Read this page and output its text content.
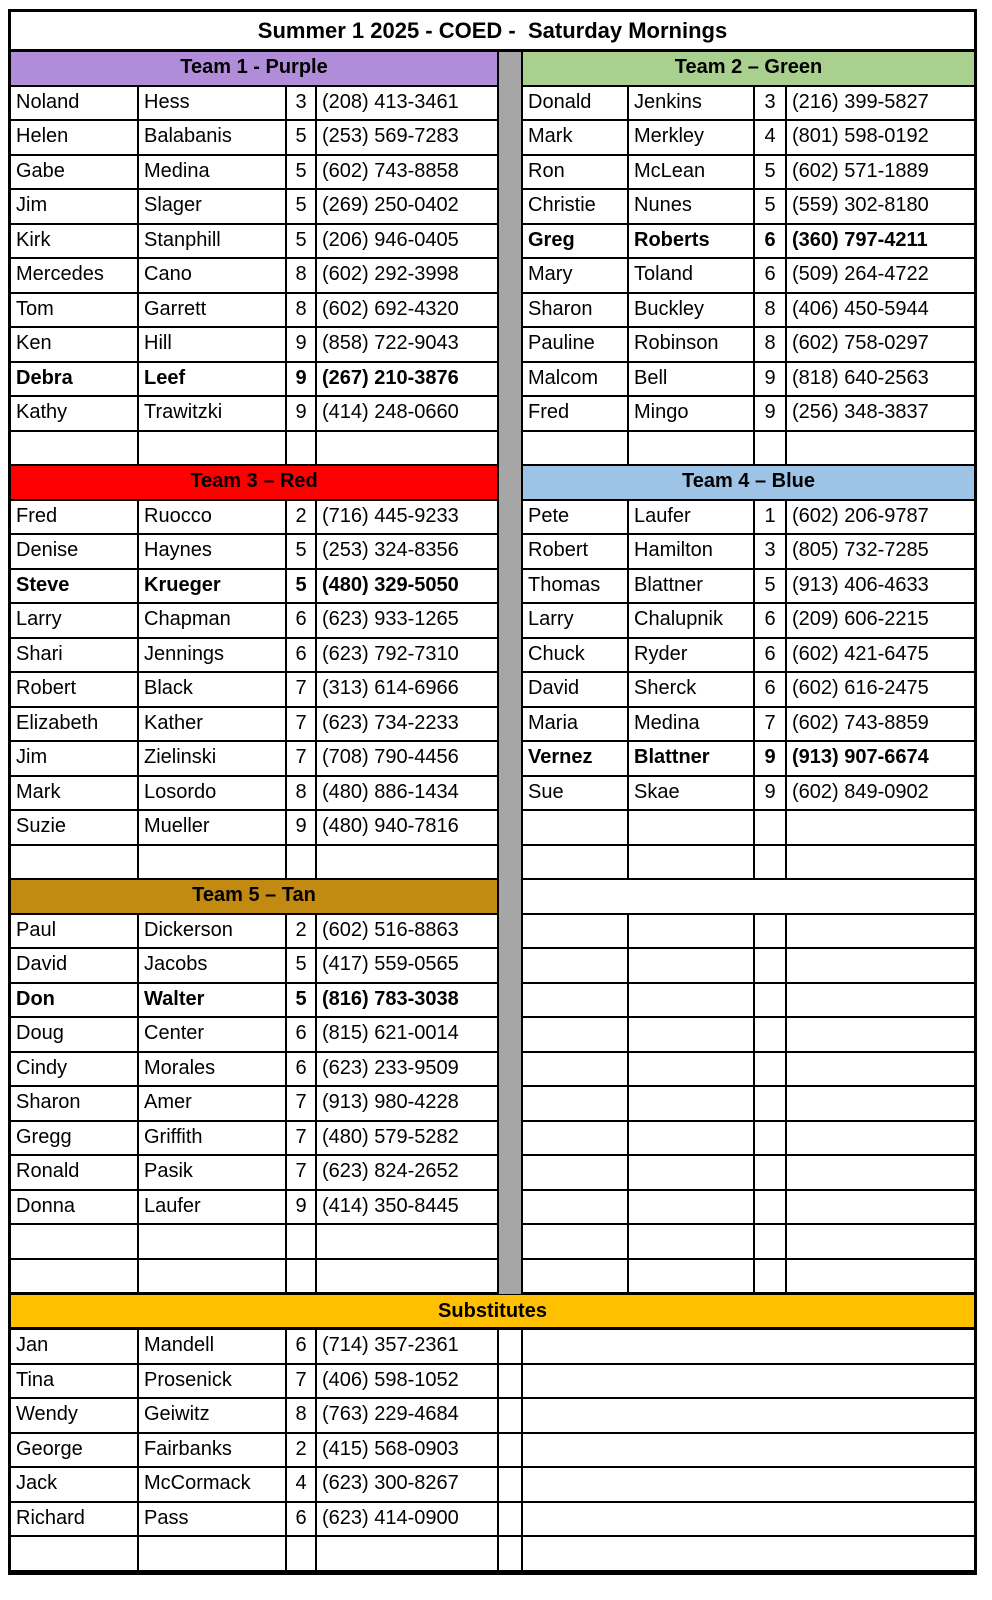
Summer 1 2025 - COED -  Saturday Mornings
Team 1 - Purple
Noland	Hess	3 (208) 413-3461
Helen	Balabanis	5 (253) 569-7283
Gabe	Medina	5 (602) 743-8858
Jim	Slager	5 (269) 250-0402
Kirk	Stanphill	5 (206) 946-0405
Mercedes	Cano	8 (602) 292-3998
Tom	Garrett	8 (602) 692-4320
Ken	Hill	9 (858) 722-9043
Debra	Leef	9 (267) 210-3876
Kathy	Trawitzki	9 (414) 248-0660
Team 2 – Green
Donald	Jenkins	3 (216) 399-5827
Mark	Merkley	4 (801) 598-0192
Ron	McLean	5 (602) 571-1889
Christie	Nunes	5 (559) 302-8180
Greg	Roberts	6 (360) 797-4211
Mary	Toland	6 (509) 264-4722
Sharon	Buckley	8 (406) 450-5944
Pauline	Robinson	8 (602) 758-0297
Malcom	Bell	9 (818) 640-2563
Fred	Mingo	9 (256) 348-3837
Team 3 – Red
Fred	Ruocco	2 (716) 445-9233
Denise	Haynes	5 (253) 324-8356
Steve	Krueger	5 (480) 329-5050
Larry	Chapman	6 (623) 933-1265
Shari	Jennings	6 (623) 792-7310
Robert	Black	7 (313) 614-6966
Elizabeth	Kather	7 (623) 734-2233
Jim	Zielinski	7 (708) 790-4456
Mark	Losordo	8 (480) 886-1434
Suzie	Mueller	9 (480) 940-7816
Team 4 – Blue
Pete	Laufer	1 (602) 206-9787
Robert	Hamilton	3 (805) 732-7285
Thomas	Blattner	5 (913) 406-4633
Larry	Chalupnik	6 (209) 606-2215
Chuck	Ryder	6 (602) 421-6475
David	Sherck	6 (602) 616-2475
Maria	Medina	7 (602) 743-8859
Vernez	Blattner	9 (913) 907-6674
Sue	Skae	9 (602) 849-0902
Team 5 – Tan
Paul	Dickerson	2 (602) 516-8863
David	Jacobs	5 (417) 559-0565
Don	Walter	5 (816) 783-3038
Doug	Center	6 (815) 621-0014
Cindy	Morales	6 (623) 233-9509
Sharon	Amer	7 (913) 980-4228
Gregg	Griffith	7 (480) 579-5282
Ronald	Pasik	7 (623) 824-2652
Donna	Laufer	9 (414) 350-8445
Substitutes
Jan	Mandell	6 (714) 357-2361
Tina	Prosenick	7 (406) 598-1052
Wendy	Geiwitz	8 (763) 229-4684
George	Fairbanks	2 (415) 568-0903
Jack	McCormack	4 (623) 300-8267
Richard	Pass	6 (623) 414-0900
